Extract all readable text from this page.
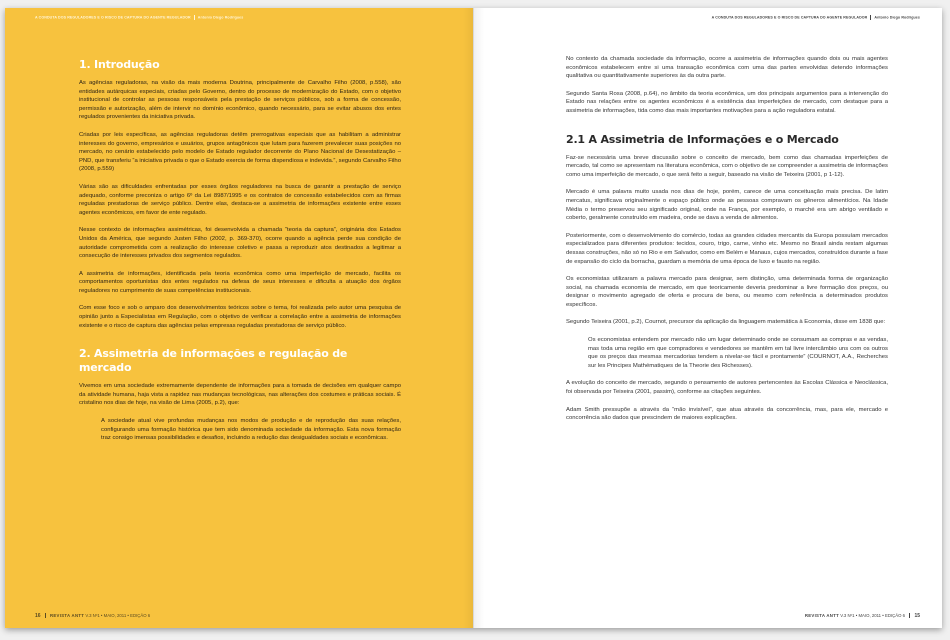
A CONDUTA DOS REGULADORES E O RISCO DE CAPTURA DO AGENTE REGULADOR Antonio Diego Rodrigues
1. Introdução

As agências reguladoras, na visão da mais moderna Doutrina, principalmente de Carvalho Filho (2008, p.558), são entidades autárquicas especiais, criadas pelo Governo, dentro do processo de modernização do Estado, com o objetivo institucional de controlar as pessoas responsáveis pela prestação de serviços públicos, sob a forma de concessão, permissão e autorização, além de intervir no domínio econômico, quando necessário, para se evitar abusos dos entes regulados provenientes da iniciativa privada.

Criadas por leis específicas, as agências reguladoras detêm prerrogativas especiais que as habilitam a administrar interesses do governo, empresários e usuários, grupos antagônicos que lutam para fazerem prevalecer suas posições no mercado, no cenário estabelecido pelo modelo de Estado regulador decorrente do Plano Nacional de Desestatização – PND, que transferiu “a iniciativa privada o que o Estado exercia de forma dispendiosa e indevida.”, segundo Carvalho Filho (2008, p.559)

Várias são as dificuldades enfrentadas por esses órgãos reguladores na busca de garantir a prestação de serviço adequado, conforme preconiza o artigo 6º da Lei 8987/1995 e os contratos de concessão estabelecidos com as firmas reguladas prestadoras de serviço público. Dentre elas, destaca-se a assimetria de informações existente entre esses agentes econômicos, em favor de ente regulado.

Nesse contexto de informações assimétricas, foi desenvolvida a chamada “teoria da captura”, originária dos Estados Unidos da América, que segundo Justen Filho (2002, p. 369-370), ocorre quando a agência perde sua condição de autoridade comprometida com a realização do interesse coletivo e passa a reproduzir atos destinados a legitimar a consecução de interesses privados dos segmentos regulados.

A assimetria de informações, identificada pela teoria econômica como uma imperfeição de mercado, facilita os comportamentos oportunistas dos entes regulados na defesa de seus interesses e dificulta a atuação dos órgãos reguladores no cumprimento de suas competências institucionais.

Com esse foco e sob o amparo dos desenvolvimentos teóricos sobre o tema, foi realizada pelo autor uma pesquisa de opinião junto a Especialistas em Regulação, com o objetivo de verificar a correlação entre a assimetria de informações existente e o risco de captura das agências pelas empresas reguladas prestadoras de serviço público.

2. Assimetria de informações e regulação de mercado

Vivemos em uma sociedade extremamente dependente de informações para a tomada de decisões em qualquer campo da atividade humana, haja vista a rapidez nas mudanças tecnológicas, nas alterações dos costumes e práticas sociais. É cristalino nos dias de hoje, na visão de Lima (2005, p.2), que:

A sociedade atual vive profundas mudanças nos modos de produção e de reprodução das suas relações, configurando uma formação histórica que tem sido denominada sociedade da informação. Esta nova formação traz consigo imensas possibilidades e desafios, incluindo a redução das desigualdades sociais e econômicas.

16 REVISTA ANTT V.3 Nº1 • MAIO, 2011 • EDIÇÃO 6
A CONDUTA DOS REGULADORES E O RISCO DE CAPTURA DO AGENTE REGULADOR Antonio Diego Rodrigues

No contexto da chamada sociedade da informação, ocorre a assimetria de informações quando dois ou mais agentes econômicos estabelecem entre si uma transação econômica com uma das partes envolvidas detendo informações qualitativa ou quantitativamente superiores às da outra parte.

Segundo Santa Rosa (2008, p.64), no âmbito da teoria econômica, um dos principais argumentos para a intervenção do Estado nas relações entre os agentes econômicos é a existência das imperfeições de mercado, com destaque para a assimetria de informações, tida como das mais importantes motivações para a ação reguladora estatal.

2.1 A Assimetria de Informações e o Mercado

Faz-se necessária uma breve discussão sobre o conceito de mercado, bem como das chamadas imperfeições de mercado, tal como se apresentam na literatura econômica, com o objetivo de se compreender a assimetria de informações como uma imperfeição de mercado, o que será feito a seguir, baseado na visão de Teixeira (2001, p 1-12).

Mercado é uma palavra muito usada nos dias de hoje, porém, carece de uma conceituação mais precisa. De latim mercatus, significava originalmente o espaço público onde as pessoas compravam os gêneros alimentícios. Na Idade Média o termo preservou seu significado original, onde na França, por exemplo, o marché era um abrigo ventilado e coberto, geralmente construído em madeira, onde se dava a venda de alimentos.

Posteriormente, com o desenvolvimento do comércio, todas as grandes cidades mercantis da Europa possuíam mercados especializados para diferentes produtos: tecidos, couro, trigo, carne, vinho etc. Mesmo no Brasil ainda restam algumas dessas construções, não só no Rio e em Salvador, como em Belém e Manaus, cujos mercados, construídos durante a fase de expansão do ciclo da borracha, guardam a memória de uma época de luxo e fausto na região.

Os economistas utilizaram a palavra mercado para designar, sem distinção, uma determinada forma de organização social, na chamada economia de mercado, em que teoricamente deveria predominar a livre formação dos preços, ou designar o movimento agregado de oferta e procura de bens, ou mesmo com referência a determinados produtos específicos.

Segundo Teixeira (2001, p.2), Cournot, precursor da aplicação da linguagem matemática à Economia, disse em 1838 que:

Os economistas entendem por mercado não um lugar determinado onde se consumam as compras e as vendas, mas toda uma região em que compradores e vendedores se mantêm em tal livre intercâmbio uns com os outros que os preços das mesmas mercadorias tendem a nivelar-se fácil e prontamente” (COURNOT, A.A., Recherches sur les Principes Mathématiques de la Theorie des Richesses).

A evolução do conceito de mercado, segundo o pensamento de autores pertencentes às Escolas Clássica e Neoclássica, foi observada por Teixeira (2001, passim), conforme as citações seguintes.

Adam Smith pressupõe a através da “mão invisível”, que atua através da concorrência, mas, para ele, mercado e concorrência são dados que prescindem de maiores explicações.

REVISTA ANTT V.3 Nº1 • MAIO, 2011 • EDIÇÃO 6 15
